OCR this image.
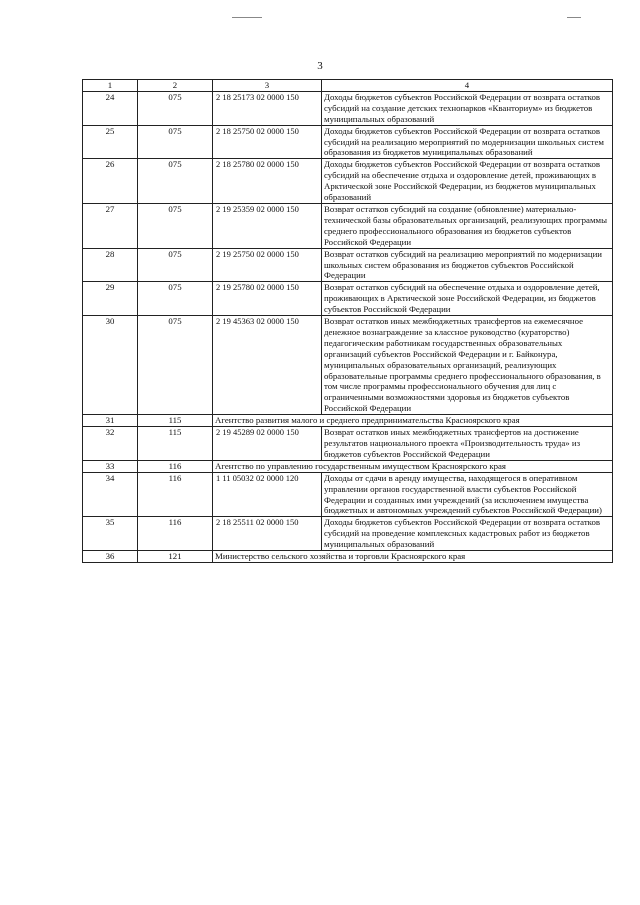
3
1	2	3	4
24	075	2 18 25173 02 0000 150	Доходы бюджетов субъектов Российской Федерации от возврата остатков субсидий на создание детских технопарков «Кванториум» из бюджетов муниципальных образований
25	075	2 18 25750 02 0000 150	Доходы бюджетов субъектов Российской Федерации от возврата остатков субсидий на реализацию мероприятий по модернизации школьных систем образования из бюджетов муниципальных образований
26	075	2 18 25780 02 0000 150	Доходы бюджетов субъектов Российской Федерации от возврата остатков субсидий на обеспечение отдыха и оздоровление детей, проживающих в Арктической зоне Российской Федерации, из бюджетов муниципальных образований
27	075	2 19 25359 02 0000 150	Возврат остатков субсидий на создание (обновление) материально-технической базы образовательных организаций, реализующих программы среднего профессионального образования из бюджетов субъектов Российской Федерации
28	075	2 19 25750 02 0000 150	Возврат остатков субсидий на реализацию мероприятий по модернизации школьных систем образования из бюджетов субъектов Российской Федерации
29	075	2 19 25780 02 0000 150	Возврат остатков субсидий на обеспечение отдыха и оздоровление детей, проживающих в Арктической зоне Российской Федерации, из бюджетов субъектов Российской Федерации
30	075	2 19 45363 02 0000 150	Возврат остатков иных межбюджетных трансфертов на ежемесячное денежное вознаграждение за классное руководство (кураторство) педагогическим работникам государственных образовательных организаций субъектов Российской Федерации и г. Байконура, муниципальных образовательных организаций, реализующих образовательные программы среднего профессионального образования, в том числе программы профессионального обучения для лиц с ограниченными возможностями здоровья из бюджетов субъектов Российской Федерации
31	115	Агентство развития малого и среднего предпринимательства Красноярского края	
32	115	2 19 45289 02 0000 150	Возврат остатков иных межбюджетных трансфертов на достижение результатов национального проекта «Производительность труда» из бюджетов субъектов Российской Федерации
33	116	Агентство по управлению государственным имуществом Красноярского края	
34	116	1 11 05032 02 0000 120	Доходы от сдачи в аренду имущества, находящегося в оперативном управлении органов государственной власти субъектов Российской Федерации и созданных ими учреждений (за исключением имущества бюджетных и автономных учреждений субъектов Российской Федерации)
35	116	2 18 25511 02 0000 150	Доходы бюджетов субъектов Российской Федерации от возврата остатков субсидий на проведение комплексных кадастровых работ из бюджетов муниципальных образований
36	121	Министерство сельского хозяйства и торговли Красноярского края	
